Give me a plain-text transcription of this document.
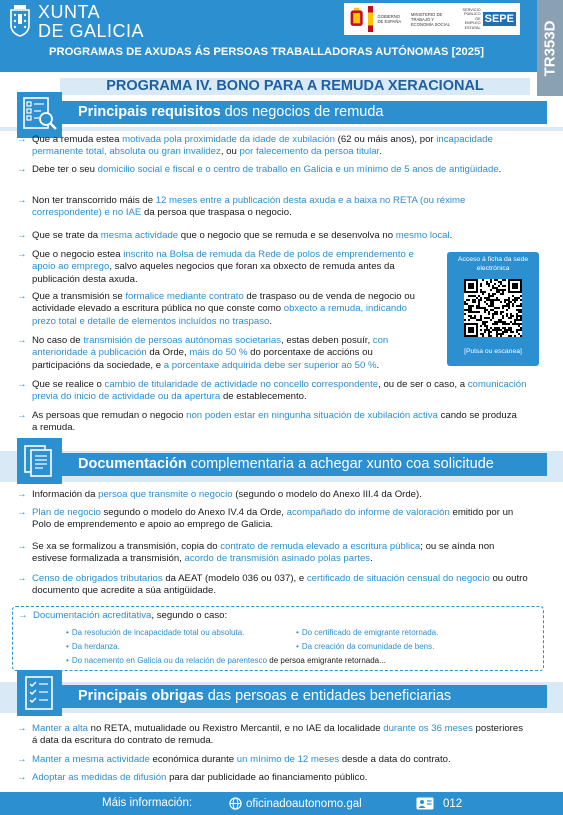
XUNTA
DE GALICIA
GOBIERNO DE ESPAÑA
MINISTERIO DE TRABAJO Y ECONOMÍA SOCIAL
SERVICIO PÚBLICO DE EMPLEO ESTATAL
SEPE
PROGRAMAS DE AXUDAS ÁS PERSOAS TRABALLADORAS AUTÓNOMAS [2025]	TR353D
PROGRAMA IV. BONO PARA A REMUDA XERACIONAL
Principais requisitos dos negocios de remuda
→ Que a remuda estea motivada pola proximidade da idade de xubilación (62 ou máis anos), por incapacidade permanente total, absoluta ou gran invalidez, ou por falecemento da persoa titular.
→ Debe ter o seu domicilio social e fiscal e o centro de traballo en Galicia e un mínimo de 5 anos de antigüidade.
→ Non ter transcorrido máis de 12 meses entre a publicación desta axuda e a baixa no RETA (ou réxime correspondente) e no IAE da persoa que traspasa o negocio.
→ Que se trate da mesma actividade que o negocio que se remuda e se desenvolva no mesmo local.
→ Que o negocio estea inscrito na Bolsa de remuda da Rede de polos de emprendemento e apoio ao emprego, salvo aqueles negocios que foran xa obxecto de remuda antes da publicación desta axuda.
→ Que a transmisión se formalice mediante contrato de traspaso ou de venda de negocio ou actividade elevado a escritura pública no que conste como obxecto a remuda, indicando prezo total e detalle de elementos incluídos no traspaso.
→ No caso de transmisión de persoas autónomas societarias, estas deben posuír, con anterioridade á publicación da Orde, máis do 50 % do porcentaxe de accións ou participacións da sociedade, e a porcentaxe adquirida debe ser superior ao 50 %.
→ Que se realice o cambio de titularidade de actividade no concello correspondente, ou de ser o caso, a comunicación previa do inicio de actividade ou da apertura de establecemento.
→ As persoas que remudan o negocio non poden estar en ningunha situación de xubilación activa cando se produza a remuda.
Acceso á ficha da sede electrónica
[Pulsa ou escanea]
Documentación complementaria a achegar xunto coa solicitude
→ Información da persoa que transmite o negocio (segundo o modelo do Anexo III.4 da Orde).
→ Plan de negocio segundo o modelo do Anexo IV.4 da Orde, acompañado do informe de valoración emitido por un Polo de emprendemento e apoio ao emprego de Galicia.
→ Se xa se formalizou a transmisión, copia do contrato de remuda elevado a escritura pública; ou se aínda non estivese formalizada a transmisión, acordo de transmisión asinado polas partes.
→ Censo de obrigados tributarios da AEAT (modelo 036 ou 037), e certificado de situación censual do negocio ou outro documento que acredite a súa antigüidade.
→ Documentación acreditativa, segundo o caso:
• Da resolución de incapacidade total ou absoluta.	• Do certificado de emigrante retornada.
• Da herdanza.	• Da creación da comunidade de bens.
• Do nacemento en Galicia ou da relación de parentesco de persoa emigrante retornada...
Principais obrigas das persoas e entidades beneficiarias
→ Manter a alta no RETA, mutualidade ou Rexistro Mercantil, e no IAE da localidade durante os 36 meses posteriores á data da escritura do contrato de remuda.
→ Manter a mesma actividade económica durante un mínimo de 12 meses desde a data do contrato.
→ Adoptar as medidas de difusión para dar publicidade ao financiamento público.
Máis información:	oficinadoautonomo.gal	012
